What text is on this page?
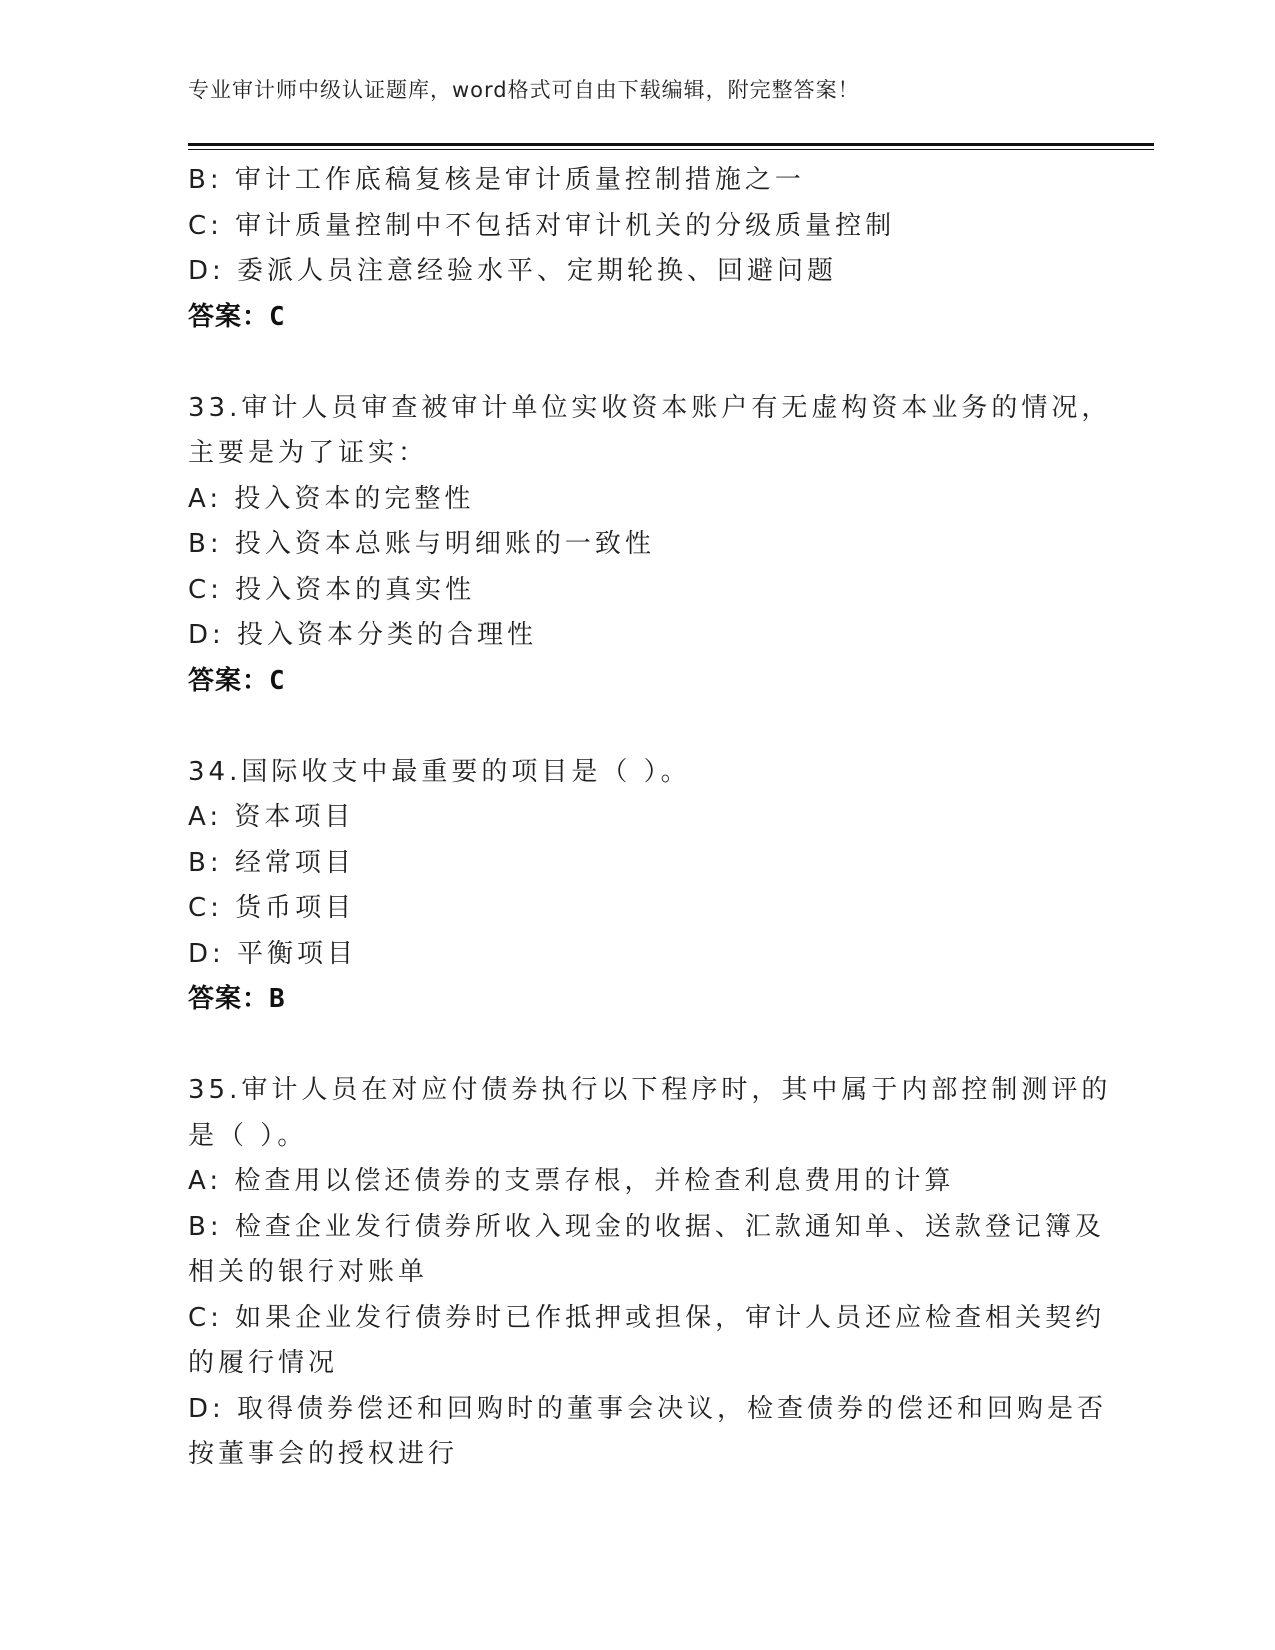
专业审计师中级认证题库，word格式可自由下载编辑，附完整答案！
B: 审计工作底稿复核是审计质量控制措施之一
C: 审计质量控制中不包括对审计机关的分级质量控制
D: 委派人员注意经验水平、定期轮换、回避问题
答案：C
33.审计人员审查被审计单位实收资本账户有无虚构资本业务的情况，
主要是为了证实：
A: 投入资本的完整性
B: 投入资本总账与明细账的一致性
C: 投入资本的真实性
D: 投入资本分类的合理性
答案：C
34.国际收支中最重要的项目是（ ）。
A: 资本项目
B: 经常项目
C: 货币项目
D: 平衡项目
答案：B
35.审计人员在对应付债券执行以下程序时，其中属于内部控制测评的
是（ ）。
A: 检查用以偿还债券的支票存根，并检查利息费用的计算
B: 检查企业发行债券所收入现金的收据、汇款通知单、送款登记簿及
相关的银行对账单
C: 如果企业发行债券时已作抵押或担保，审计人员还应检查相关契约
的履行情况
D: 取得债券偿还和回购时的董事会决议，检查债券的偿还和回购是否
按董事会的授权进行
